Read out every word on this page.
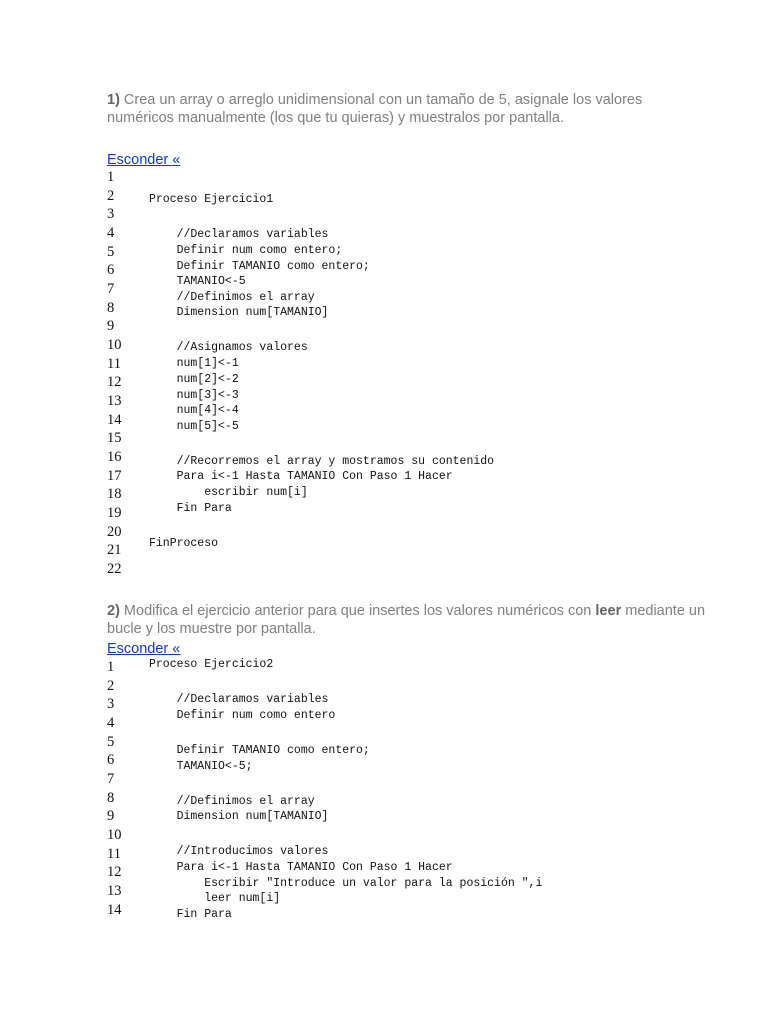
1) Crea un array o arreglo unidimensional con un tamaño de 5, asignale los valores numéricos manualmente (los que tu quieras) y muestralos por pantalla.

Esconder «
1
2
3
4
5
6
7
8
9
10
11
12
13
14
15
16
17
18
19
20
21
22

Proceso Ejercicio1

//Declaramos variables

Definir num como entero;

Definir TAMANIO como entero;

TAMANIO<-5

//Definimos el array

Dimension num[TAMANIO]

//Asignamos valores

num[1]<-1

num[2]<-2

num[3]<-3

num[4]<-4

num[5]<-5

//Recorremos el array y mostramos su contenido

Para i<-1 Hasta TAMANIO Con Paso 1 Hacer

escribir num[i]

Fin Para

FinProceso

2) Modifica el ejercicio anterior para que insertes los valores numéricos con leer mediante un bucle y los muestre por pantalla.

Esconder «
1
2
3
4
5
6
7
8
9
10
11
12
13
14

Proceso Ejercicio2

//Declaramos variables

Definir num como entero

Definir TAMANIO como entero;

TAMANIO<-5;

//Definimos el array

Dimension num[TAMANIO]

//Introducimos valores

Para i<-1 Hasta TAMANIO Con Paso 1 Hacer

Escribir "Introduce un valor para la posición ",i

leer num[i]

Fin Para
